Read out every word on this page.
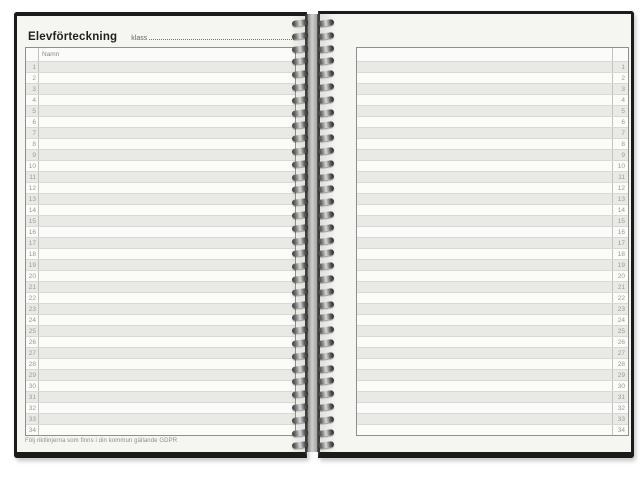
Elevförteckning klass
Namn
1
2
3
4
5
6
7
8
9
10
11
12
13
14
15
16
17
18
19
20
21
22
23
24
25
26
27
28
29
30
31
32
33
34
Följ riktlinjerna som finns i din kommun gällande GDPR
1
2
3
4
5
6
7
8
9
10
11
12
13
14
15
16
17
18
19
20
21
22
23
24
25
26
27
28
29
30
31
32
33
34
